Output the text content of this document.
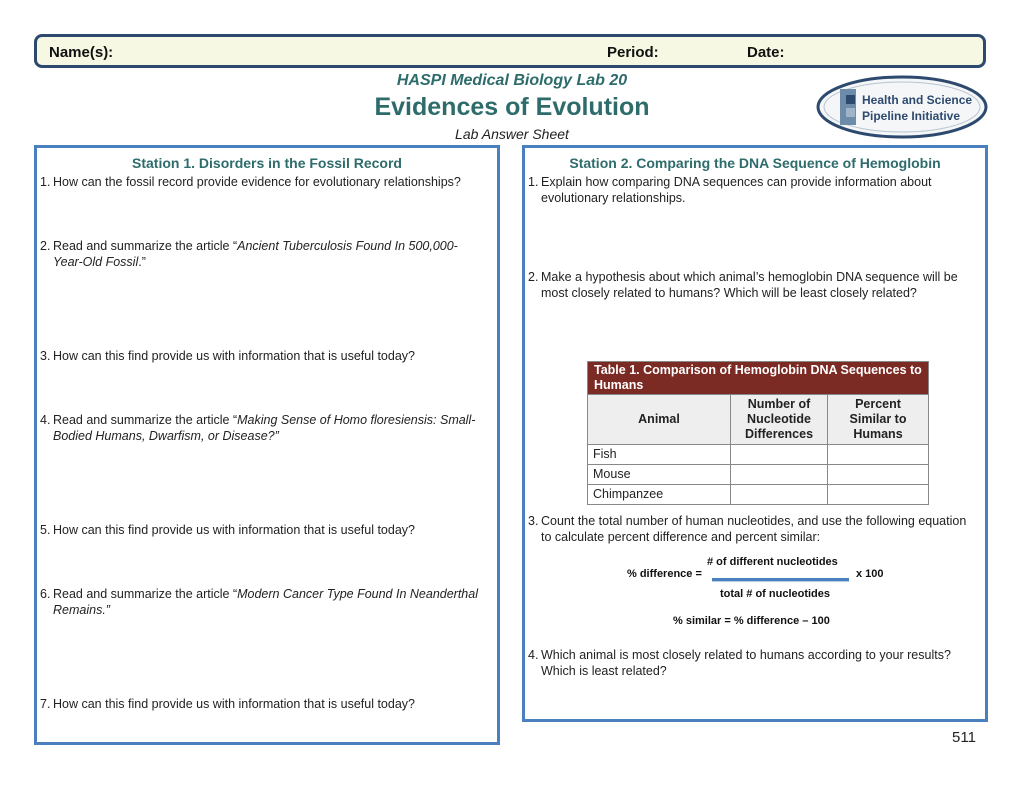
Name(s):	Period:	Date:
HASPI Medical Biology Lab 20
Evidences of Evolution
Lab Answer Sheet
Health and Science
Pipeline Initiative
Station 1. Disorders in the Fossil Record
1. How can the fossil record provide evidence for evolutionary relationships?
2. Read and summarize the article “Ancient Tuberculosis Found In 500,000-Year-Old Fossil.”
3. How can this find provide us with information that is useful today?
4. Read and summarize the article “Making Sense of Homo floresiensis: Small-Bodied Humans, Dwarfism, or Disease?”
5. How can this find provide us with information that is useful today?
6. Read and summarize the article “Modern Cancer Type Found In Neanderthal Remains.”
7. How can this find provide us with information that is useful today?
Station 2. Comparing the DNA Sequence of Hemoglobin
1. Explain how comparing DNA sequences can provide information about evolutionary relationships.
2. Make a hypothesis about which animal’s hemoglobin DNA sequence will be most closely related to humans? Which will be least closely related?
Table 1. Comparison of Hemoglobin DNA Sequences to Humans		
Animal	Number of Nucleotide Differences	Percent Similar to Humans
Fish		
Mouse		
Chimpanzee		
3. Count the total number of human nucleotides, and use the following equation to calculate percent difference and percent similar:
# of different nucleotides
% difference =	x 100
total # of nucleotides
% similar = % difference – 100
4. Which animal is most closely related to humans according to your results? Which is least related?
511
